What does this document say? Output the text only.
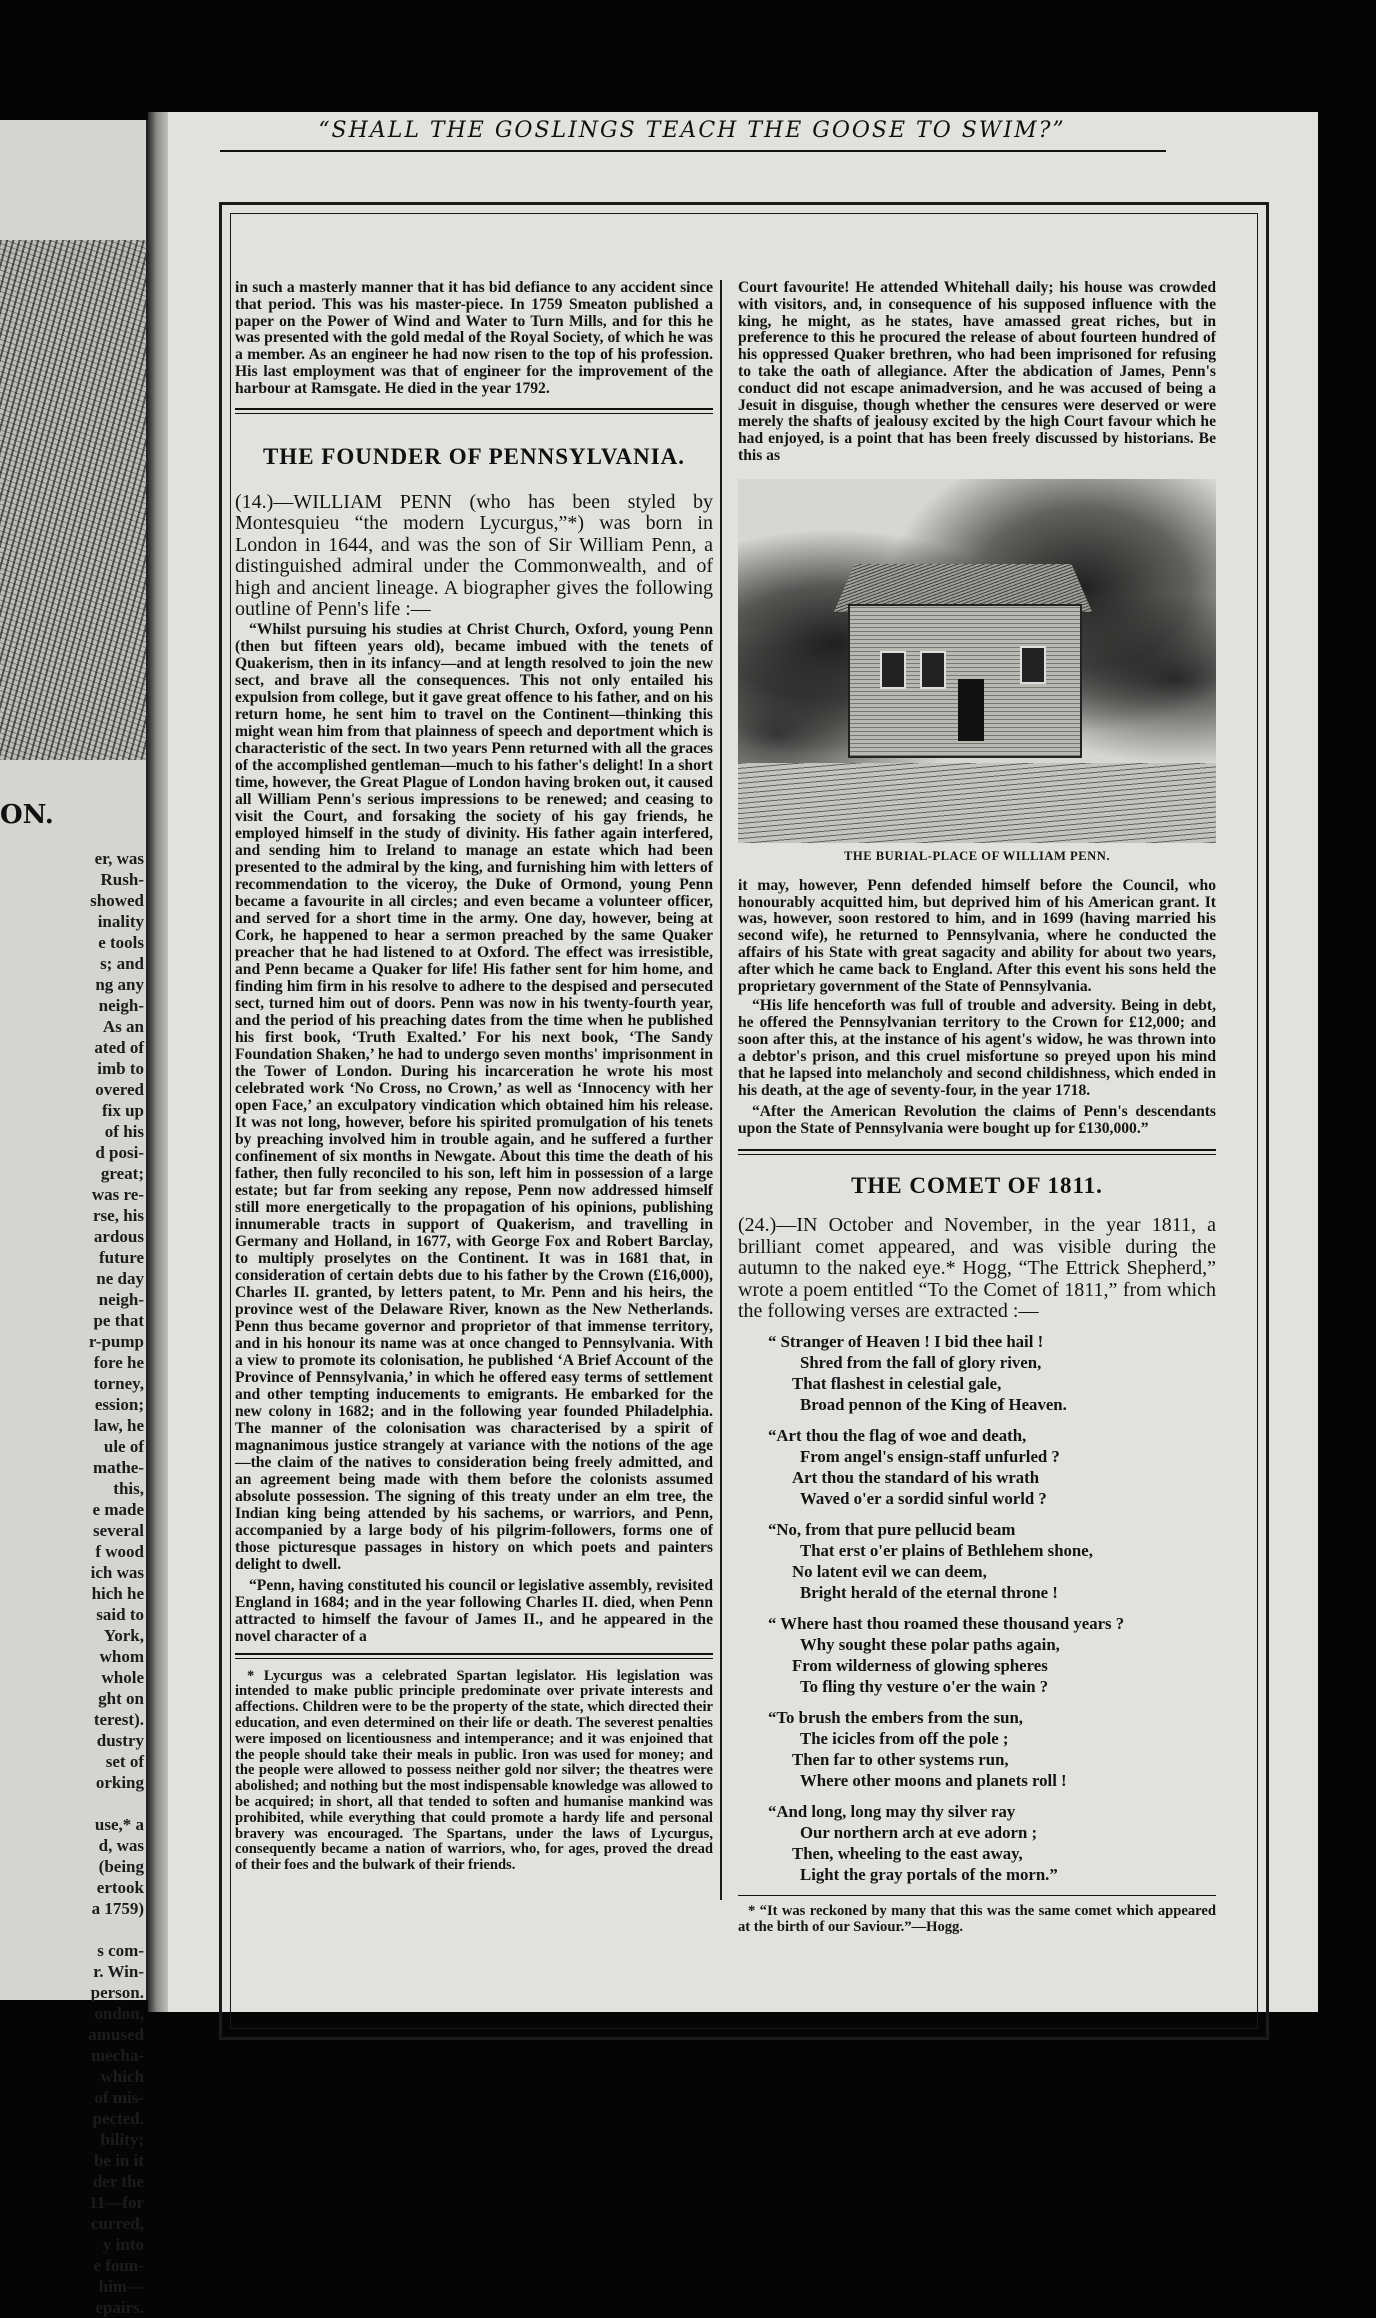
ON.
er, was
Rush-
showed
inality
e tools
s; and
ng any
neigh-
As an
ated of
imb to
overed
fix up
of his
d posi-
great;
was re-
rse, his
ardous
future
ne day
neigh-
pe that
r-pump
fore he
torney,
ession;
law, he
ule of
mathe-
this,
e made
several
f wood
ich was
hich he
said to
York,
whom
whole
ght on
terest).
dustry
set of
orking
use,* a
d, was
(being
ertook
a 1759)
s com-
r. Win-
person.
ondon,
amused
mecha-
which
of mis-
pected.
bility;
be in it
der the
11—for
curred,
y into
e foun-
him—
epairs.
“SHALL THE GOSLINGS TEACH THE GOOSE TO SWIM?”

in such a masterly manner that it has bid defiance to any accident since that period. This was his master-piece. In 1759 Smeaton published a paper on the Power of Wind and Water to Turn Mills, and for this he was presented with the gold medal of the Royal Society, of which he was a member. As an engineer he had now risen to the top of his profession. His last employment was that of engineer for the improvement of the harbour at Ramsgate. He died in the year 1792.

THE FOUNDER OF PENNSYLVANIA.

(14.)—WILLIAM PENN (who has been styled by Montesquieu “the modern Lycurgus,”*) was born in London in 1644, and was the son of Sir William Penn, a distinguished admiral under the Commonwealth, and of high and ancient lineage. A biographer gives the following outline of Penn's life :—

“Whilst pursuing his studies at Christ Church, Oxford, young Penn (then but fifteen years old), became imbued with the tenets of Quakerism, then in its infancy—and at length resolved to join the new sect, and brave all the consequences. This not only entailed his expulsion from college, but it gave great offence to his father, and on his return home, he sent him to travel on the Continent—thinking this might wean him from that plainness of speech and deportment which is characteristic of the sect. In two years Penn returned with all the graces of the accomplished gentleman—much to his father's delight! In a short time, however, the Great Plague of London having broken out, it caused all William Penn's serious impressions to be renewed; and ceasing to visit the Court, and forsaking the society of his gay friends, he employed himself in the study of divinity. His father again interfered, and sending him to Ireland to manage an estate which had been presented to the admiral by the king, and furnishing him with letters of recommendation to the viceroy, the Duke of Ormond, young Penn became a favourite in all circles; and even became a volunteer officer, and served for a short time in the army. One day, however, being at Cork, he happened to hear a sermon preached by the same Quaker preacher that he had listened to at Oxford. The effect was irresistible, and Penn became a Quaker for life! His father sent for him home, and finding him firm in his resolve to adhere to the despised and persecuted sect, turned him out of doors. Penn was now in his twenty-fourth year, and the period of his preaching dates from the time when he published his first book, ‘Truth Exalted.’ For his next book, ‘The Sandy Foundation Shaken,’ he had to undergo seven months' imprisonment in the Tower of London. During his incarceration he wrote his most celebrated work ‘No Cross, no Crown,’ as well as ‘Innocency with her open Face,’ an exculpatory vindication which obtained him his release. It was not long, however, before his spirited promulgation of his tenets by preaching involved him in trouble again, and he suffered a further confinement of six months in Newgate. About this time the death of his father, then fully reconciled to his son, left him in possession of a large estate; but far from seeking any repose, Penn now addressed himself still more energetically to the propagation of his opinions, publishing innumerable tracts in support of Quakerism, and travelling in Germany and Holland, in 1677, with George Fox and Robert Barclay, to multiply proselytes on the Continent. It was in 1681 that, in consideration of certain debts due to his father by the Crown (£16,000), Charles II. granted, by letters patent, to Mr. Penn and his heirs, the province west of the Delaware River, known as the New Netherlands. Penn thus became governor and proprietor of that immense territory, and in his honour its name was at once changed to Pennsylvania. With a view to promote its colonisation, he published ‘A Brief Account of the Province of Pennsylvania,’ in which he offered easy terms of settlement and other tempting inducements to emigrants. He embarked for the new colony in 1682; and in the following year founded Philadelphia. The manner of the colonisation was characterised by a spirit of magnanimous justice strangely at variance with the notions of the age—the claim of the natives to consideration being freely admitted, and an agreement being made with them before the colonists assumed absolute possession. The signing of this treaty under an elm tree, the Indian king being attended by his sachems, or warriors, and Penn, accompanied by a large body of his pilgrim-followers, forms one of those picturesque passages in history on which poets and painters delight to dwell.

“Penn, having constituted his council or legislative assembly, revisited England in 1684; and in the year following Charles II. died, when Penn attracted to himself the favour of James II., and he appeared in the novel character of a

* Lycurgus was a celebrated Spartan legislator. His legislation was intended to make public principle predominate over private interests and affections. Children were to be the property of the state, which directed their education, and even determined on their life or death. The severest penalties were imposed on licentiousness and intemperance; and it was enjoined that the people should take their meals in public. Iron was used for money; and the people were allowed to possess neither gold nor silver; the theatres were abolished; and nothing but the most indispensable knowledge was allowed to be acquired; in short, all that tended to soften and humanise mankind was prohibited, while everything that could promote a hardy life and personal bravery was encouraged. The Spartans, under the laws of Lycurgus, consequently became a nation of warriors, who, for ages, proved the dread of their foes and the bulwark of their friends.

Court favourite! He attended Whitehall daily; his house was crowded with visitors, and, in consequence of his supposed influence with the king, he might, as he states, have amassed great riches, but in preference to this he procured the release of about fourteen hundred of his oppressed Quaker brethren, who had been imprisoned for refusing to take the oath of allegiance. After the abdication of James, Penn's conduct did not escape animadversion, and he was accused of being a Jesuit in disguise, though whether the censures were deserved or were merely the shafts of jealousy excited by the high Court favour which he had enjoyed, is a point that has been freely discussed by historians. Be this as

THE BURIAL-PLACE OF WILLIAM PENN.

it may, however, Penn defended himself before the Council, who honourably acquitted him, but deprived him of his American grant. It was, however, soon restored to him, and in 1699 (having married his second wife), he returned to Pennsylvania, where he conducted the affairs of his State with great sagacity and ability for about two years, after which he came back to England. After this event his sons held the proprietary government of the State of Pennsylvania.

“His life henceforth was full of trouble and adversity. Being in debt, he offered the Pennsylvanian territory to the Crown for £12,000; and soon after this, at the instance of his agent's widow, he was thrown into a debtor's prison, and this cruel misfortune so preyed upon his mind that he lapsed into melancholy and second childishness, which ended in his death, at the age of seventy-four, in the year 1718.

“After the American Revolution the claims of Penn's descendants upon the State of Pennsylvania were bought up for £130,000.”

THE COMET OF 1811.

(24.)—IN October and November, in the year 1811, a brilliant comet appeared, and was visible during the autumn to the naked eye.* Hogg, “The Ettrick Shepherd,” wrote a poem entitled “To the Comet of 1811,” from which the following verses are extracted :—

“ Stranger of Heaven ! I bid thee hail !
Shred from the fall of glory riven,
That flashest in celestial gale,
Broad pennon of the King of Heaven.
“Art thou the flag of woe and death,
From angel's ensign-staff unfurled ?
Art thou the standard of his wrath
Waved o'er a sordid sinful world ?
“No, from that pure pellucid beam
That erst o'er plains of Bethlehem shone,
No latent evil we can deem,
Bright herald of the eternal throne !
“ Where hast thou roamed these thousand years ?
Why sought these polar paths again,
From wilderness of glowing spheres
To fling thy vesture o'er the wain ?
“To brush the embers from the sun,
The icicles from off the pole ;
Then far to other systems run,
Where other moons and planets roll !
“And long, long may thy silver ray
Our northern arch at eve adorn ;
Then, wheeling to the east away,
Light the gray portals of the morn.”

* “It was reckoned by many that this was the same comet which appeared at the birth of our Saviour.”—Hogg.
